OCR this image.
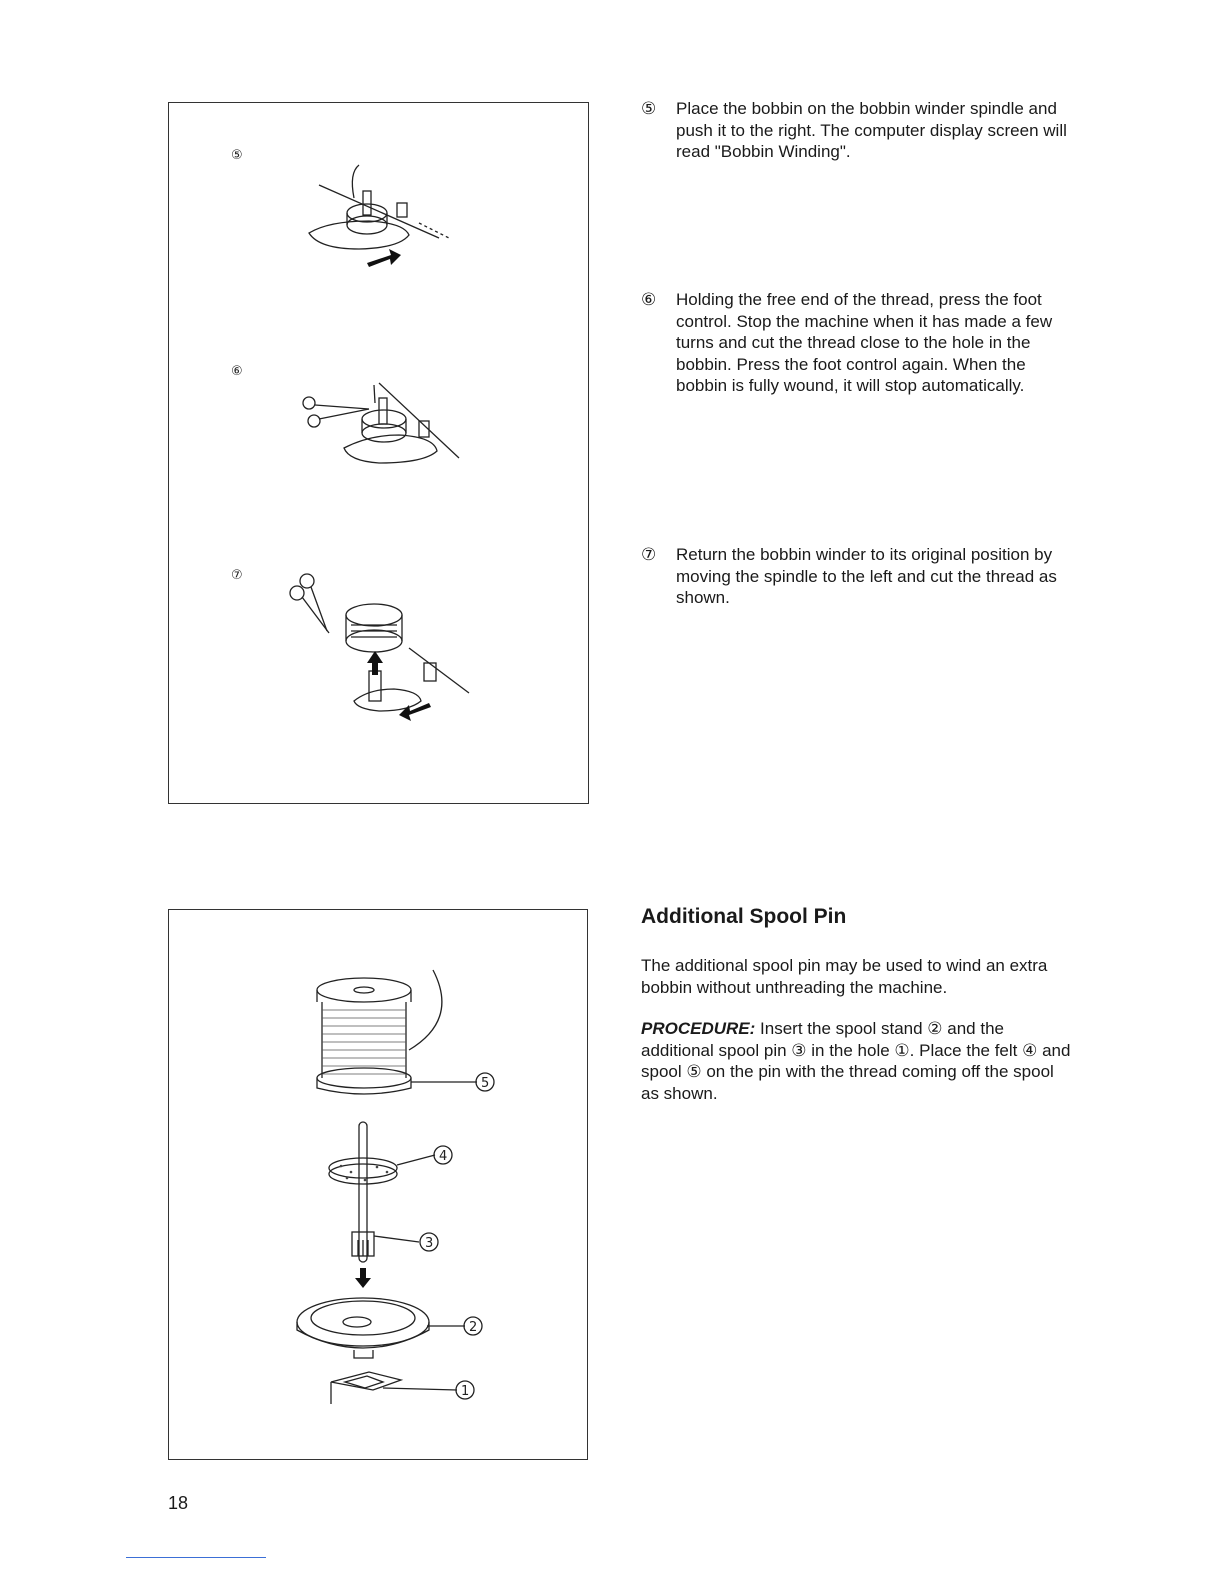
⑤
⑥
⑦
⑤	Place the bobbin on the bobbin winder spindle and push it to the right. The computer display screen will read "Bobbin Winding".
⑥	Holding the free end of the thread, press the foot control. Stop the machine when it has made a few turns and cut the thread close to the hole in the bobbin. Press the foot control again. When the bobbin is fully wound, it will stop automatically.
⑦	Return the bobbin winder to its original position by moving the spindle to the left and cut the thread as shown.
5
4
3
2
1
Additional Spool Pin

The additional spool pin may be used to wind an extra bobbin without unthreading the machine.

PROCEDURE: Insert the spool stand ② and the additional spool pin ③ in the hole ①. Place the felt ④ and spool ⑤ on the pin with the thread coming off the spool as shown.

18
